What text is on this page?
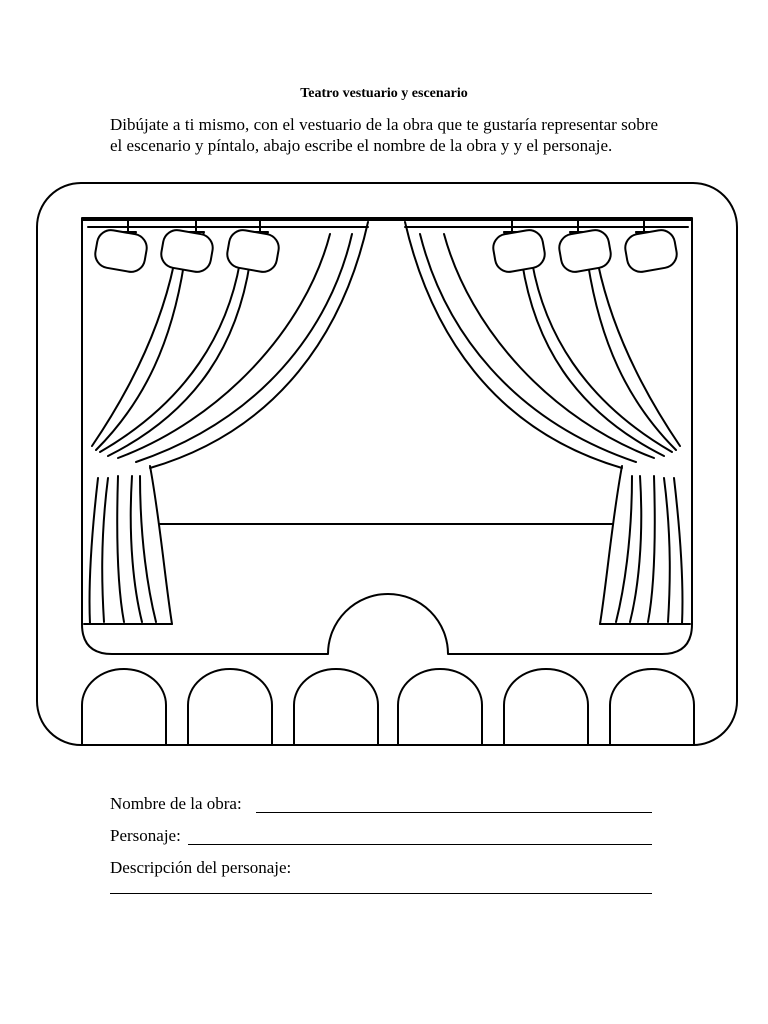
Teatro vestuario y escenario

Dibújate a ti mismo, con el vestuario de la obra que te gustaría representar sobre el escenario y píntalo, abajo escribe el nombre de la obra y y el personaje.

Nombre de la obra:
Personaje:
Descripción del personaje:
